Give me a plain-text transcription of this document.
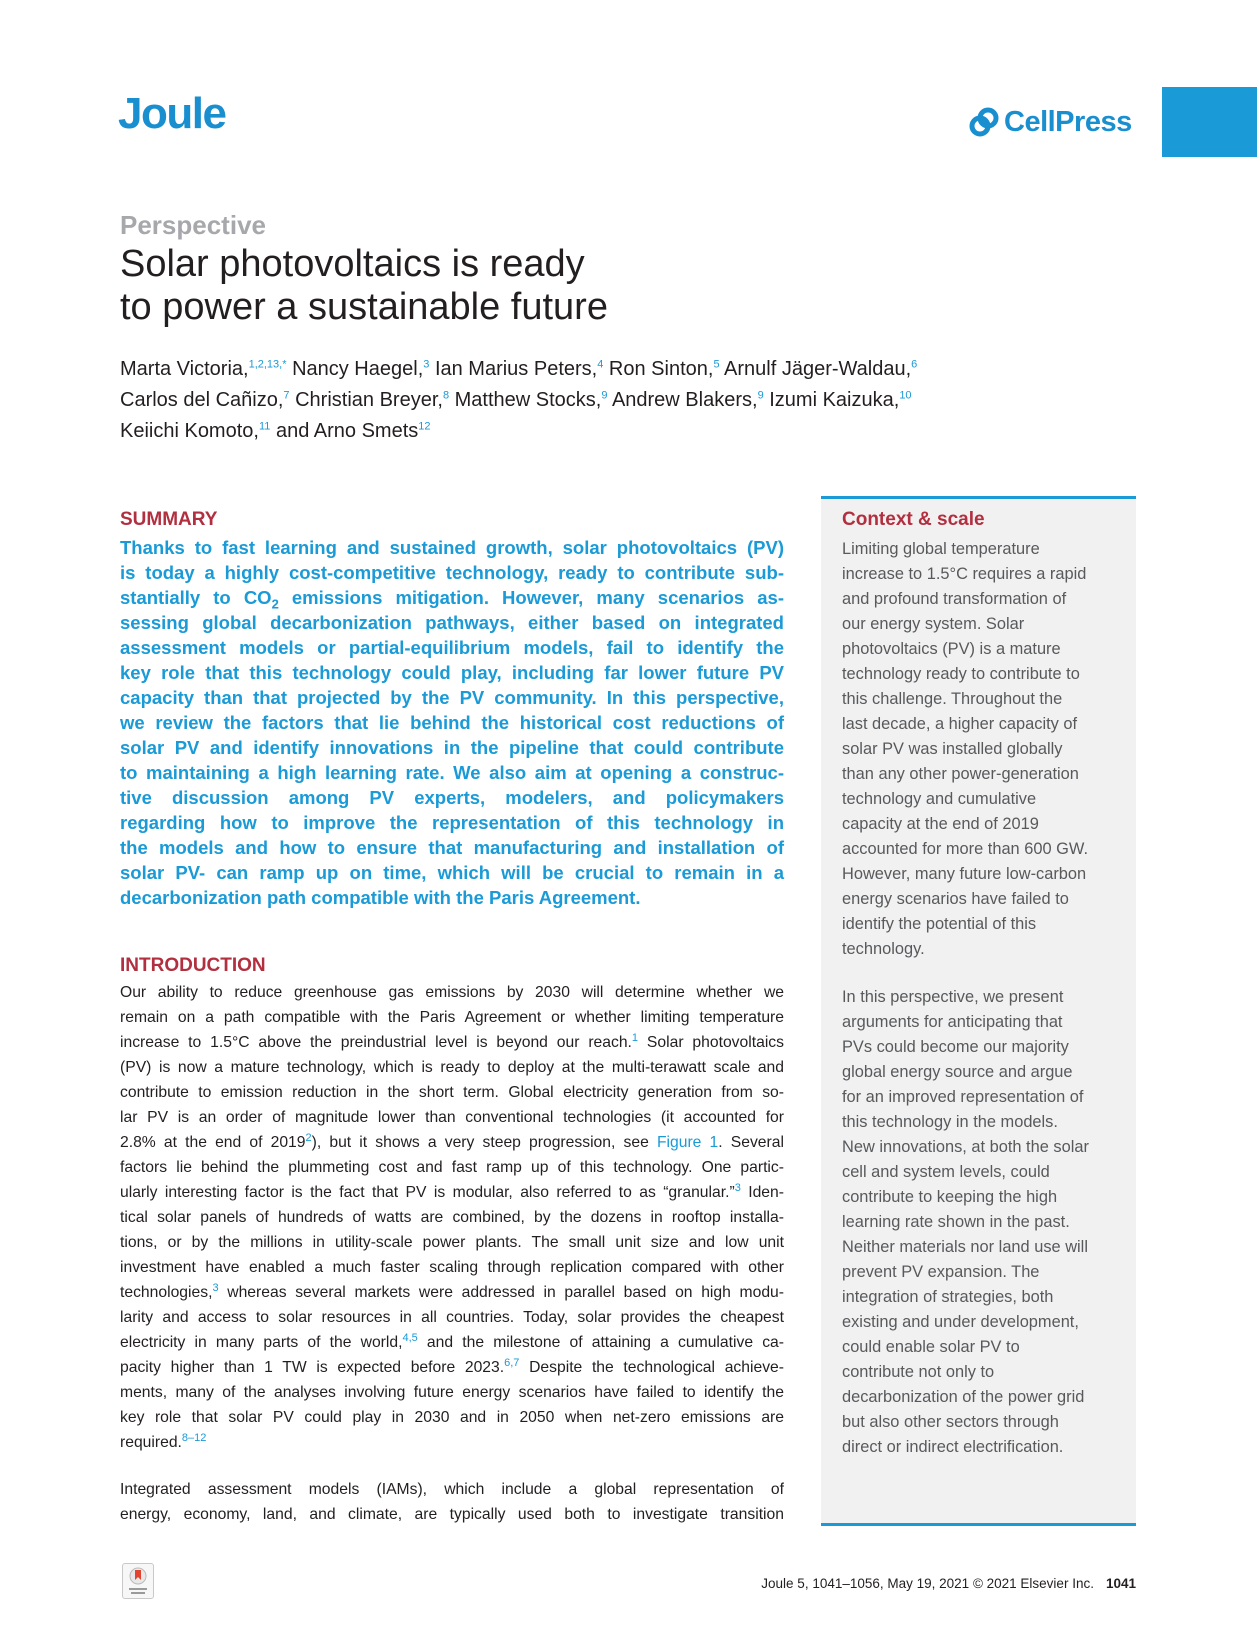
Joule	CellPress
Perspective
Solar photovoltaics is ready
to power a sustainable future
Marta Victoria,$^{1,2,13,*}$ Nancy Haegel,$^3$ Ian Marius Peters,$^4$ Ron Sinton,$^5$ Arnulf Jäger-Waldau,$^6$
Carlos del Cañizo,$^7$ Christian Breyer,$^8$ Matthew Stocks,$^9$ Andrew Blakers,$^9$ Izumi Kaizuka,$^{10}$
Keiichi Komoto,$^{11}$ and Arno Smets$^{12}$
SUMMARY
Thanks to fast learning and sustained growth, solar photovoltaics (PV)
is today a highly cost-competitive technology, ready to contribute sub-
stantially to $CO_2$ emissions mitigation. However, many scenarios as-
sessing global decarbonization pathways, either based on integrated
assessment models or partial-equilibrium models, fail to identify the
key role that this technology could play, including far lower future PV
capacity than that projected by the PV community. In this perspective,
we review the factors that lie behind the historical cost reductions of
solar PV and identify innovations in the pipeline that could contribute
to maintaining a high learning rate. We also aim at opening a construc-
tive discussion among PV experts, modelers, and policymakers
regarding how to improve the representation of this technology in
the models and how to ensure that manufacturing and installation of
solar PV- can ramp up on time, which will be crucial to remain in a
decarbonization path compatible with the Paris Agreement.
INTRODUCTION
Our ability to reduce greenhouse gas emissions by 2030 will determine whether we
remain on a path compatible with the Paris Agreement or whether limiting temperature
increase to 1.5°C above the preindustrial level is beyond our reach.$^1$ Solar photovoltaics
(PV) is now a mature technology, which is ready to deploy at the multi-terawatt scale and
contribute to emission reduction in the short term. Global electricity generation from so-
lar PV is an order of magnitude lower than conventional technologies (it accounted for
2.8% at the end of 2019$^2$), but it shows a very steep progression, see Figure 1. Several
factors lie behind the plummeting cost and fast ramp up of this technology. One partic-
ularly interesting factor is the fact that PV is modular, also referred to as “granular.”$^3$ Iden-
tical solar panels of hundreds of watts are combined, by the dozens in rooftop installa-
tions, or by the millions in utility-scale power plants. The small unit size and low unit
investment have enabled a much faster scaling through replication compared with other
technologies,$^3$ whereas several markets were addressed in parallel based on high modu-
larity and access to solar resources in all countries. Today, solar provides the cheapest
electricity in many parts of the world,$^{4,5}$ and the milestone of attaining a cumulative ca-
pacity higher than 1 TW is expected before 2023.$^{6,7}$ Despite the technological achieve-
ments, many of the analyses involving future energy scenarios have failed to identify the
key role that solar PV could play in 2030 and in 2050 when net-zero emissions are
required.$^{8-12}$
Integrated assessment models (IAMs), which include a global representation of
energy, economy, land, and climate, are typically used both to investigate transition
Context & scale
Limiting global temperature
increase to 1.5°C requires a rapid
and profound transformation of
our energy system. Solar
photovoltaics (PV) is a mature
technology ready to contribute to
this challenge. Throughout the
last decade, a higher capacity of
solar PV was installed globally
than any other power-generation
technology and cumulative
capacity at the end of 2019
accounted for more than 600 GW.
However, many future low-carbon
energy scenarios have failed to
identify the potential of this
technology.
In this perspective, we present
arguments for anticipating that
PVs could become our majority
global energy source and argue
for an improved representation of
this technology in the models.
New innovations, at both the solar
cell and system levels, could
contribute to keeping the high
learning rate shown in the past.
Neither materials nor land use will
prevent PV expansion. The
integration of strategies, both
existing and under development,
could enable solar PV to
contribute not only to
decarbonization of the power grid
but also other sectors through
direct or indirect electrification.
Joule 5, 1041–1056, May 19, 2021 © 2021 Elsevier Inc. 1041
